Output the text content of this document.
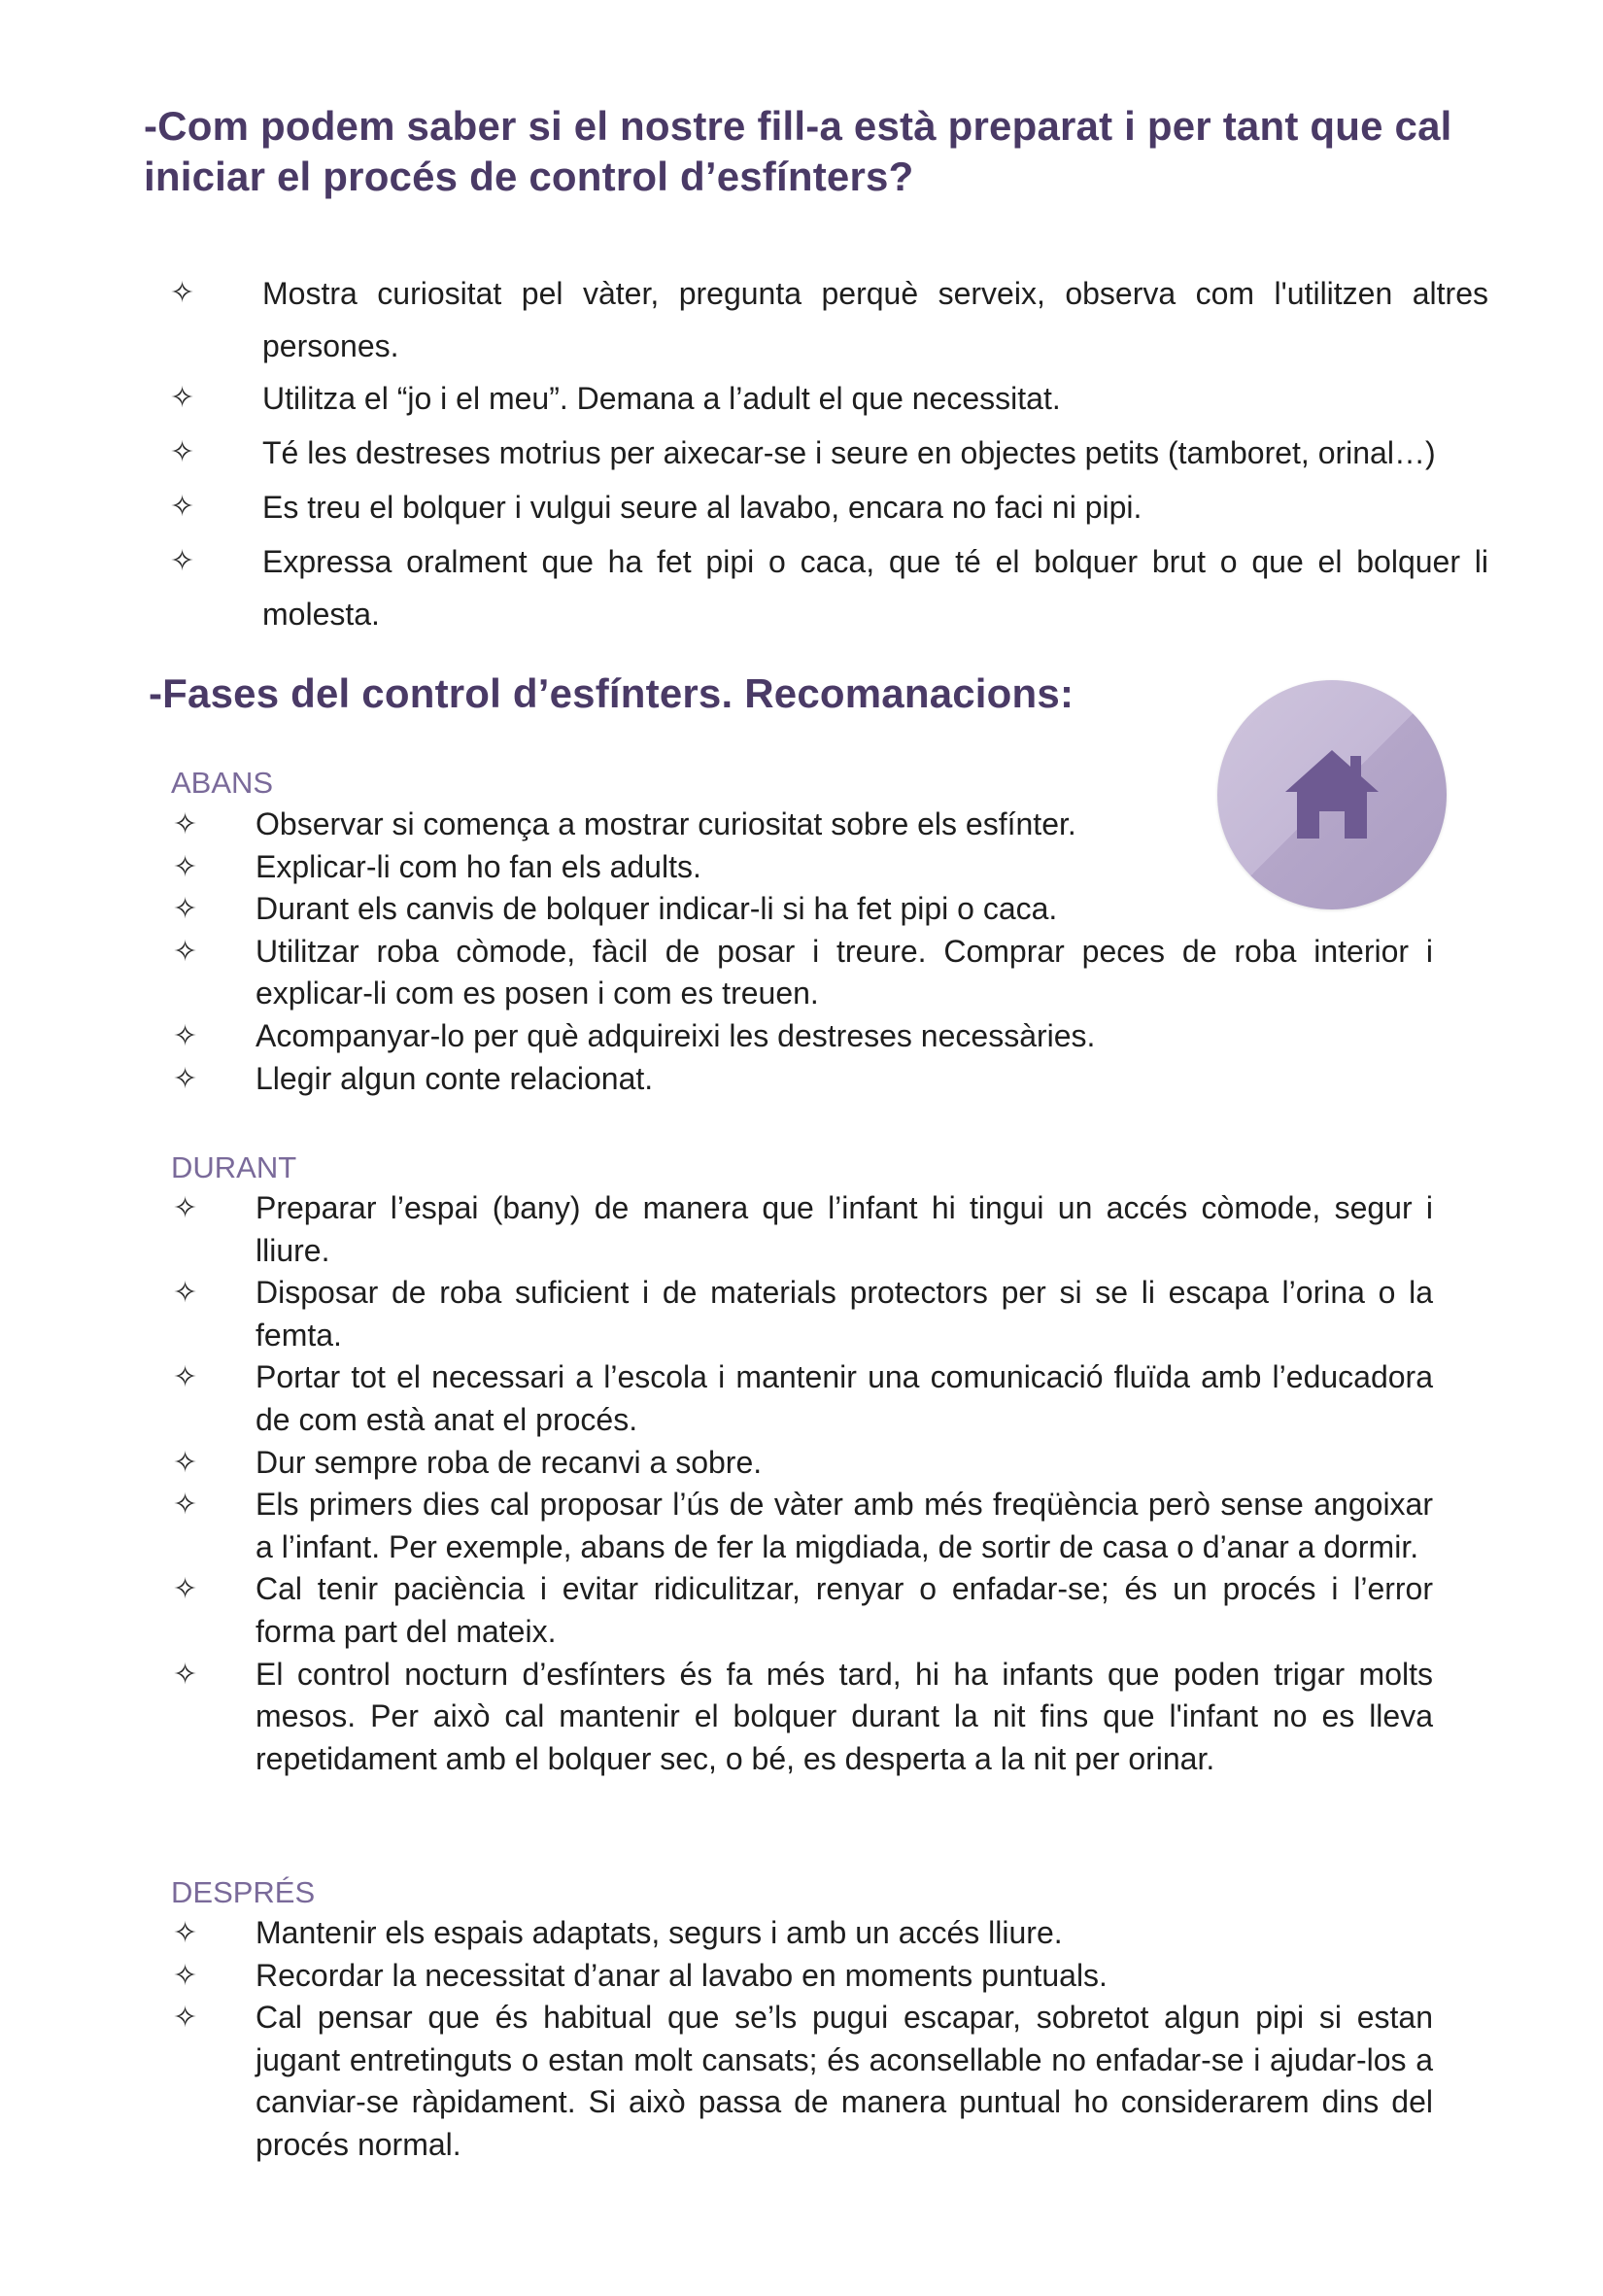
-Com podem saber si el nostre fill-a està preparat i per tant que cal iniciar el procés de control d’esfínters?
✧ Mostra curiositat pel vàter, pregunta perquè serveix, observa com l'utilitzen altres persones.
✧ Utilitza el “jo i el meu”. Demana a l’adult el que necessitat.
✧ Té les destreses motrius per aixecar-se i seure en objectes petits (tamboret, orinal…)
✧ Es treu el bolquer i vulgui seure al lavabo, encara no faci ni pipi.
✧ Expressa oralment que ha fet pipi o caca, que té el bolquer brut o que el bolquer li molesta.
-Fases del control d’esfínters. Recomanacions:
ABANS
✧ Observar si comença a mostrar curiositat sobre els esfínter.
✧ Explicar-li com ho fan els adults.
✧ Durant els canvis de bolquer indicar-li si ha fet pipi o caca.
✧ Utilitzar roba còmode, fàcil de posar i treure. Comprar peces de roba interior i explicar-li com es posen i com es treuen.
✧ Acompanyar-lo per què adquireixi les destreses necessàries.
✧ Llegir algun conte relacionat.
DURANT
✧ Preparar l’espai (bany) de manera que l’infant hi tingui un accés còmode, segur i lliure.
✧ Disposar de roba suficient i de materials protectors per si se li escapa l’orina o la femta.
✧ Portar tot el necessari a l’escola i mantenir una comunicació fluïda amb l’educadora de com està anat el procés.
✧ Dur sempre roba de recanvi a sobre.
✧ Els primers dies cal proposar l’ús de vàter amb més freqüència però sense angoixar a l’infant. Per exemple, abans de fer la migdiada, de sortir de casa o d’anar a dormir.
✧ Cal tenir paciència i evitar ridiculitzar, renyar o enfadar-se; és un procés i l’error forma part del mateix.
✧ El control nocturn d’esfínters és fa més tard, hi ha infants que poden trigar molts mesos. Per això cal mantenir el bolquer durant la nit fins que l'infant no es lleva repetidament amb el bolquer sec, o bé, es desperta a la nit per orinar.
DESPRÉS
✧ Mantenir els espais adaptats, segurs i amb un accés lliure.
✧ Recordar la necessitat d’anar al lavabo en moments puntuals.
✧ Cal pensar que és habitual que se’ls pugui escapar, sobretot algun pipi si estan jugant entretinguts o estan molt cansats; és aconsellable no enfadar-se i ajudar-los a canviar-se ràpidament. Si això passa de manera puntual ho considerarem dins del procés normal.
